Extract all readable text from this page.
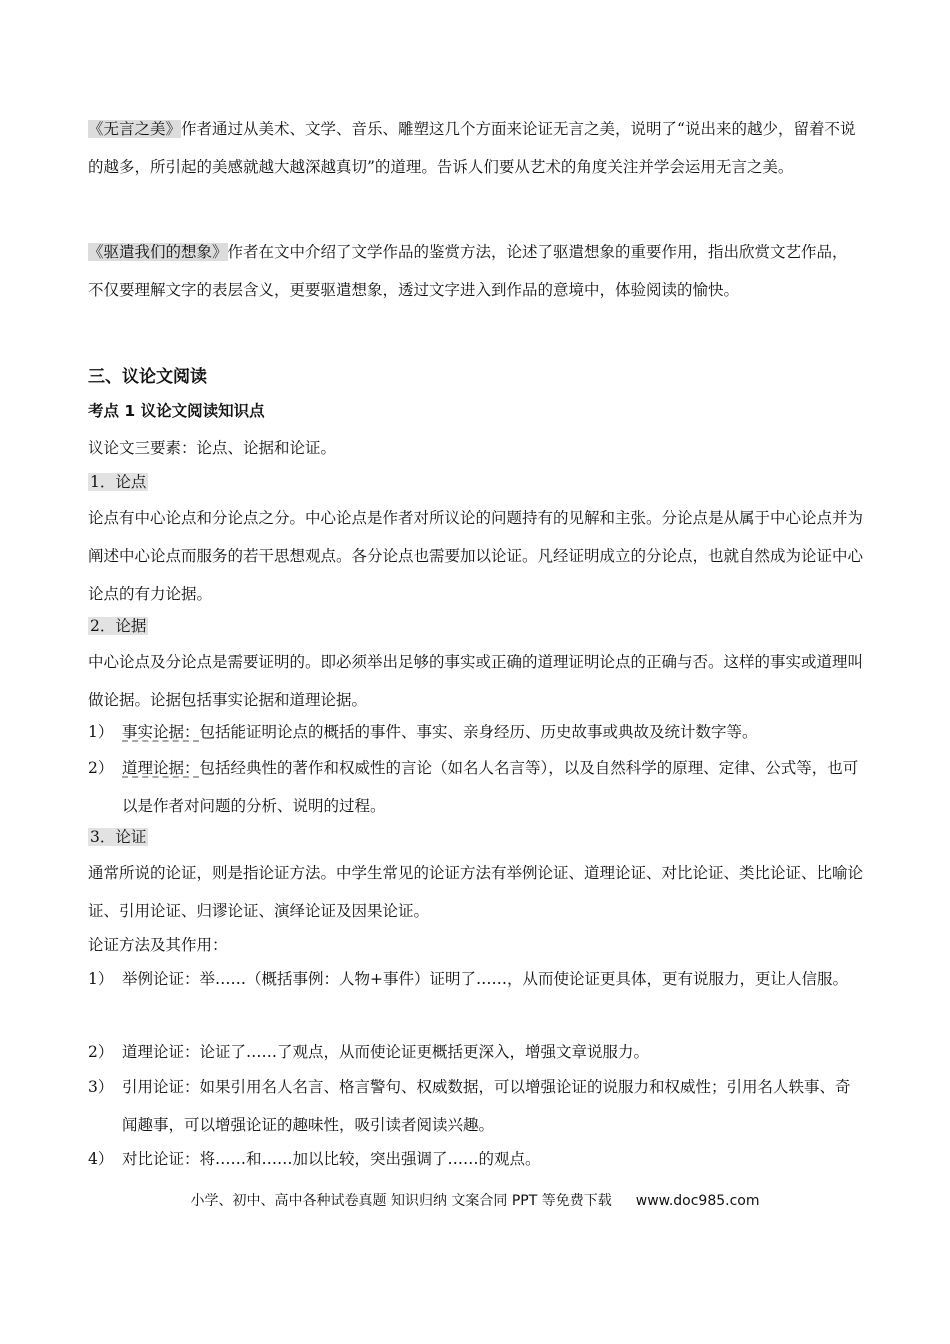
《无言之美》作者通过从美术、文学、音乐、雕塑这几个方面来论证无言之美，说明了“说出来的越少，留着不说的越多，所引起的美感就越大越深越真切”的道理。告诉人们要从艺术的角度关注并学会运用无言之美。

《驱遣我们的想象》作者在文中介绍了文学作品的鉴赏方法，论述了驱遣想象的重要作用，指出欣赏文艺作品，不仅要理解文字的表层含义，更要驱遣想象，透过文字进入到作品的意境中，体验阅读的愉快。

三、议论文阅读
考点 1 议论文阅读知识点
议论文三要素：论点、论据和论证。
1．论点

论点有中心论点和分论点之分。中心论点是作者对所议论的问题持有的见解和主张。分论点是从属于中心论点并为阐述中心论点而服务的若干思想观点。各分论点也需要加以论证。凡经证明成立的分论点，也就自然成为论证中心论点的有力论据。

2．论据

中心论点及分论点是需要证明的。即必须举出足够的事实或正确的道理证明论点的正确与否。这样的事实或道理叫做论据。论据包括事实论据和道理论据。

1） 事实论据：包括能证明论点的概括的事件、事实、亲身经历、历史故事或典故及统计数字等。
2） 道理论据：包括经典性的著作和权威性的言论（如名人名言等），以及自然科学的原理、定律、公式等，也可以是作者对问题的分析、说明的过程。
3．论证

通常所说的论证，则是指论证方法。中学生常见的论证方法有举例论证、道理论证、对比论证、类比论证、比喻论证、引用论证、归谬论证、演绎论证及因果论证。

论证方法及其作用：
1） 举例论证：举……（概括事例：人物+事件）证明了……，从而使论证更具体，更有说服力，更让人信服。
2） 道理论证：论证了……了观点，从而使论证更概括更深入，增强文章说服力。
3） 引用论证：如果引用名人名言、格言警句、权威数据，可以增强论证的说服力和权威性；引用名人轶事、奇闻趣事，可以增强论证的趣味性，吸引读者阅读兴趣。
4） 对比论证：将……和……加以比较，突出强调了……的观点。
小学、初中、高中各种试卷真题 知识归纳 文案合同 PPT 等免费下载 www.doc985.com
